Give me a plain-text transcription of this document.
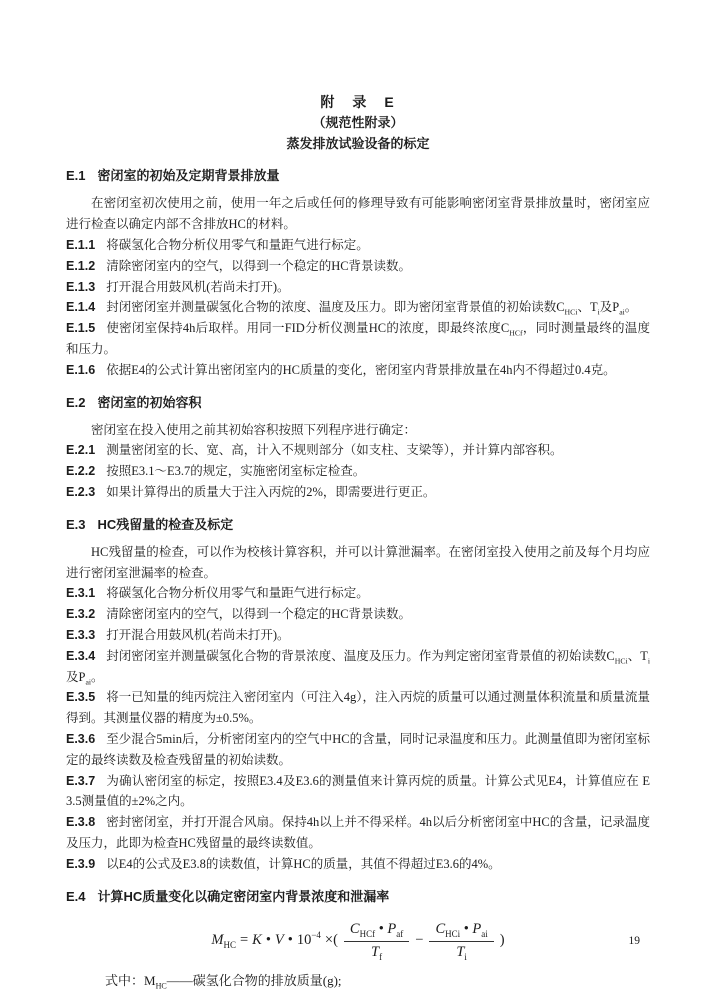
附　录　E
（规范性附录）
蒸发排放试验设备的标定
E.1 密闭室的初始及定期背景排放量

在密闭室初次使用之前，使用一年之后或任何的修理导致有可能影响密闭室背景排放量时，密闭室应进行检查以确定内部不含排放HC的材料。

E.1.1 将碳氢化合物分析仪用零气和量距气进行标定。

E.1.2 清除密闭室内的空气，以得到一个稳定的HC背景读数。

E.1.3 打开混合用鼓风机(若尚未打开)。

E.1.4 封闭密闭室并测量碳氢化合物的浓度、温度及压力。即为密闭室背景值的初始读数$C_{HCi}$、$T_i$及$P_{ai}$。

E.1.5 使密闭室保持4h后取样。用同一FID分析仪测量HC的浓度，即最终浓度$C_{HCf}$，同时测量最终的温度和压力。

E.1.6 依据E4的公式计算出密闭室内的HC质量的变化，密闭室内背景排放量在4h内不得超过0.4克。

E.2 密闭室的初始容积

密闭室在投入使用之前其初始容积按照下列程序进行确定：

E.2.1 测量密闭室的长、宽、高，计入不规则部分（如支柱、支梁等），并计算内部容积。

E.2.2 按照E3.1～E3.7的规定，实施密闭室标定检查。

E.2.3 如果计算得出的质量大于注入丙烷的2%，即需要进行更正。

E.3 HC残留量的检查及标定

HC残留量的检查，可以作为校核计算容积，并可以计算泄漏率。在密闭室投入使用之前及每个月均应进行密闭室泄漏率的检查。

E.3.1 将碳氢化合物分析仪用零气和量距气进行标定。

E.3.2 清除密闭室内的空气，以得到一个稳定的HC背景读数。

E.3.3 打开混合用鼓风机(若尚未打开)。

E.3.4 封闭密闭室并测量碳氢化合物的背景浓度、温度及压力。作为判定密闭室背景值的初始读数$C_{HCi}$、$T_i$及$P_{ai}$。

E.3.5 将一已知量的纯丙烷注入密闭室内（可注入4g），注入丙烷的质量可以通过测量体积流量和质量流量得到。其测量仪器的精度为±0.5%。

E.3.6 至少混合5min后，分析密闭室内的空气中HC的含量，同时记录温度和压力。此测量值即为密闭室标定的最终读数及检查残留量的初始读数。

E.3.7 为确认密闭室的标定，按照E3.4及E3.6的测量值来计算丙烷的质量。计算公式见E4，计算值应在 E 3.5测量值的±2%之内。

E.3.8 密封密闭室，并打开混合风扇。保持4h以上并不得采样。4h以后分析密闭室中HC的含量，记录温度及压力，此即为检查HC残留量的最终读数值。

E.3.9 以E4的公式及E3.8的读数值，计算HC的质量，其值不得超过E3.6的4%。

E.4 计算HC质量变化以确定密闭室内背景浓度和泄漏率
$M_{HC} = K$ • V • $10^{-4}$ ×( $\frac{C_{HCf} • P_{af}}{T_f} - \frac{C_{HCi} • P_{ai}}{T_i}$ )

式中：$M_{HC}——$碳氢化合物的排放质量(g);

19
